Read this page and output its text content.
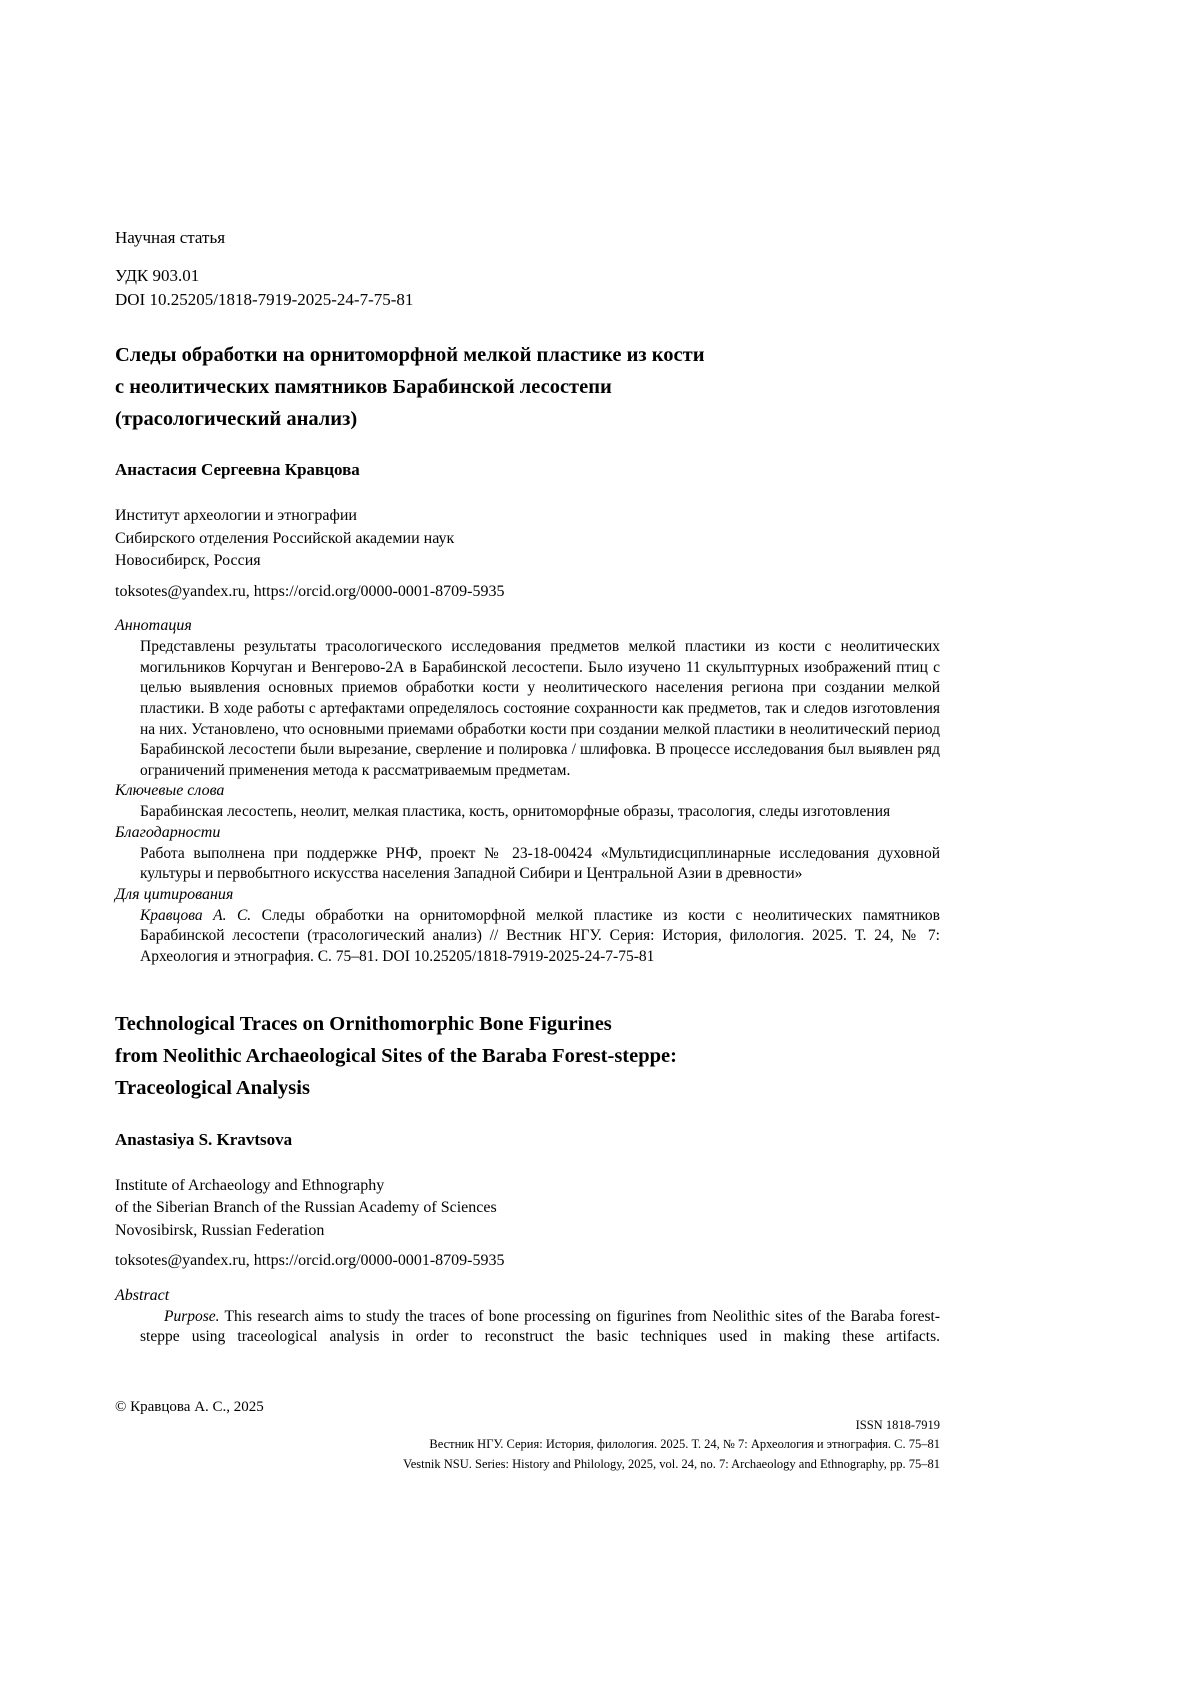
Научная статья

УДК 903.01

DOI 10.25205/1818-7919-2025-24-7-75-81

Следы обработки на орнитоморфной мелкой пластике из кости
с неолитических памятников Барабинской лесостепи
(трасологический анализ)

Анастасия Сергеевна Кравцова

Институт археологии и этнографии

Сибирского отделения Российской академии наук

Новосибирск, Россия

toksotes@yandex.ru, https://orcid.org/0000-0001-8709-5935

Аннотация

Представлены результаты трасологического исследования предметов мелкой пластики из кости с неолитических могильников Корчуган и Венгерово-2А в Барабинской лесостепи. Было изучено 11 скульптурных изображений птиц с целью выявления основных приемов обработки кости у неолитического населения региона при создании мелкой пластики. В ходе работы с артефактами определялось состояние сохранности как предметов, так и следов изготовления на них. Установлено, что основными приемами обработки кости при создании мелкой пластики в неолитический период Барабинской лесостепи были вырезание, сверление и полировка / шлифовка. В процессе исследования был выявлен ряд ограничений применения метода к рассматриваемым предметам.

Ключевые слова

Барабинская лесостепь, неолит, мелкая пластика, кость, орнитоморфные образы, трасология, следы изготовления

Благодарности

Работа выполнена при поддержке РНФ, проект № 23-18-00424 «Мультидисциплинарные исследования духовной культуры и первобытного искусства населения Западной Сибири и Центральной Азии в древности»

Для цитирования

Кравцова А. С. Следы обработки на орнитоморфной мелкой пластике из кости с неолитических памятников Барабинской лесостепи (трасологический анализ) // Вестник НГУ. Серия: История, филология. 2025. Т. 24, № 7: Археология и этнография. С. 75–81. DOI 10.25205/1818-7919-2025-24-7-75-81

Technological Traces on Ornithomorphic Bone Figurines
from Neolithic Archaeological Sites of the Baraba Forest-steppe:
Traceological Analysis

Anastasiya S. Kravtsova

Institute of Archaeology and Ethnography

of the Siberian Branch of the Russian Academy of Sciences

Novosibirsk, Russian Federation

toksotes@yandex.ru, https://orcid.org/0000-0001-8709-5935

Abstract

Purpose. This research aims to study the traces of bone processing on figurines from Neolithic sites of the Baraba forest-steppe using traceological analysis in order to reconstruct the basic techniques used in making these artifacts.

© Кравцова А. С., 2025

ISSN 1818-7919

Вестник НГУ. Серия: История, филология. 2025. Т. 24, № 7: Археология и этнография. С. 75–81

Vestnik NSU. Series: History and Philology, 2025, vol. 24, no. 7: Archaeology and Ethnography, pp. 75–81
